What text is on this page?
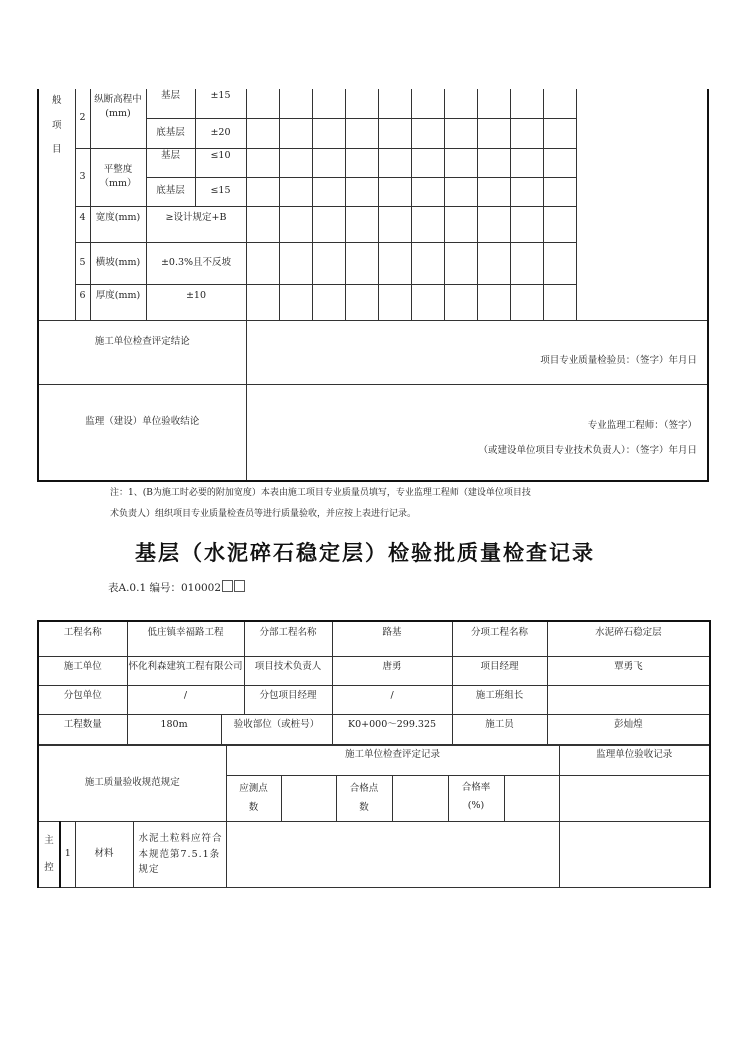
般
项
目	2	纵断高程中(mm)	基层	±15											
			底基层	±20											
	3	平整度（mm）	基层	≤10											
			底基层	≤15											
	4	宽度(mm)	≥设计规定+B												
	5	横坡(mm)	±0.3%且不反坡												
	6	厚度(mm)	±10												
施工单位检查评定结论					项目专业质量检验员：（签字）年月日										
监理（建设）单位验收结论					专业监理工程师：（签字）
（或建设单位项目专业技术负责人）：（签字）年月日										
注：1、(B为施工时必要的附加宽度）本表由施工项目专业质量员填写，专业监理工程师（建设单位项目技
术负责人）组织项目专业质量检查员等进行质量验收，并应按上表进行记录。
基层（水泥碎石稳定层）检验批质量检查记录
表A.0.1 编号：010002
工程名称	低庄镇幸福路工程		分部工程名称	路基	分项工程名称	水泥碎石稳定层
施工单位	怀化利森建筑工程有限公司		项目技术负责人	唐勇	项目经理	覃勇飞
分包单位	/		分包项目经理	/	施工班组长	
工程数量	180m	验收部位（或桩号）		K0+000～299.325	施工员	彭灿煌
施工质量验收规范规定				施工单位检查评定记录						监理单位验收记录
				应测点数		合格点数		合格率(%)		

主
控	1	材料	水泥土粒料应符合本规范第7.5.1条规定							
